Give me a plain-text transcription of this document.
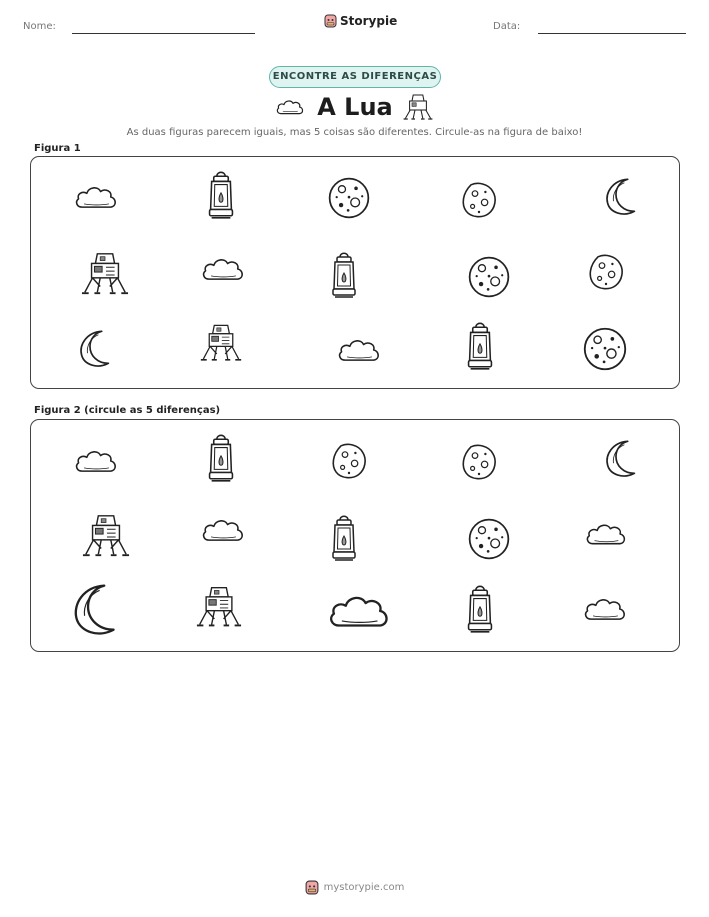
Nome:	Data:
Storypie
ENCONTRE AS DIFERENÇAS
A Lua
As duas figuras parecem iguais, mas 5 coisas são diferentes. Circule-as na figura de baixo!
Figura 1
Figura 2 (circule as 5 diferenças)
mystorypie.com
